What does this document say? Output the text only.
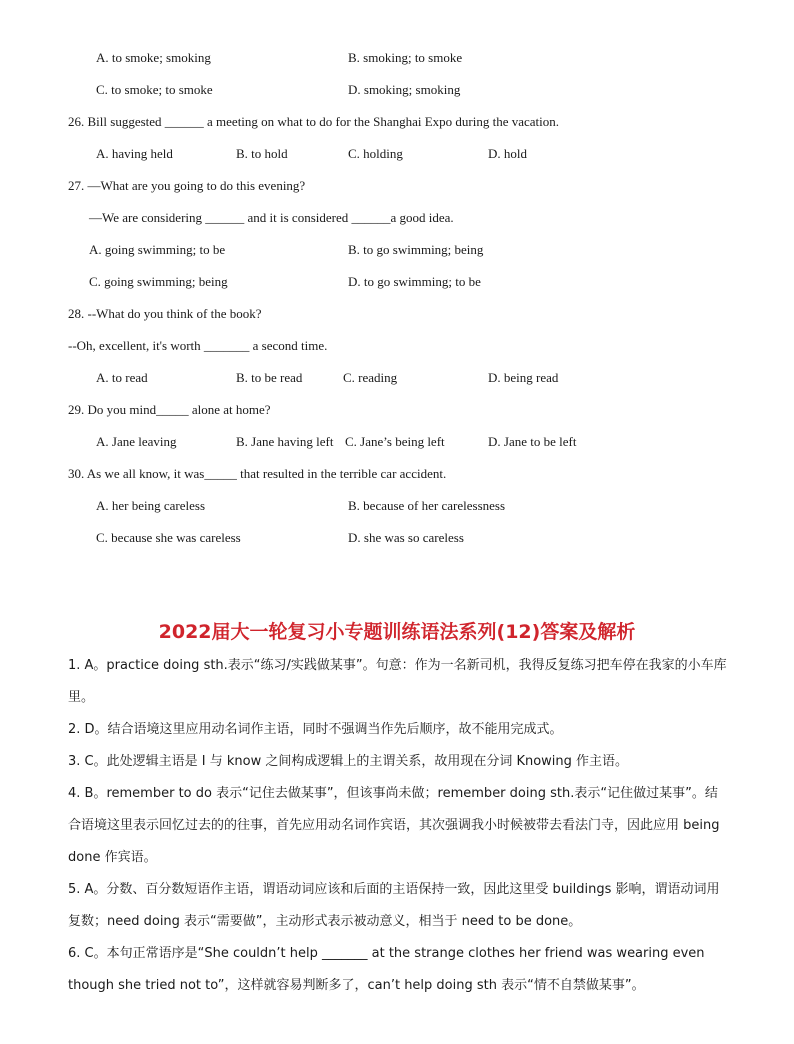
A. to smoke; smoking	B. smoking; to smoke
C. to smoke; to smoke	D. smoking; smoking
26. Bill suggested ______ a meeting on what to do for the Shanghai Expo during the vacation.
A. having held	B. to hold	C. holding	D. hold
27. —What are you going to do this evening?
—We are considering ______ and it is considered ______a good idea.
A. going swimming; to be	B. to go swimming; being
C. going swimming; being	D. to go swimming; to be
28. --What do you think of the book?
--Oh, excellent, it's worth _______ a second time.
A. to read	B. to be read	C. reading	D. being read
29. Do you mind_____ alone at home?
A. Jane leaving	B. Jane having left C. Jane’s being left	D. Jane to be left
30. As we all know, it was_____ that resulted in the terrible car accident.
A. her being careless	B. because of her carelessness
C. because she was careless	D. she was so careless
2022届大一轮复习小专题训练语法系列(12)答案及解析
1. A。practice doing sth.表示“练习/实践做某事”。句意：作为一名新司机，我得反复练习把车停在我家的小车库里。
2. D。结合语境这里应用动名词作主语，同时不强调当作先后顺序，故不能用完成式。
3. C。此处逻辑主语是 I 与 know 之间构成逻辑上的主谓关系，故用现在分词 Knowing 作主语。
4. B。remember to do 表示“记住去做某事”，但该事尚未做；remember doing sth.表示“记住做过某事”。结合语境这里表示回忆过去的的往事，首先应用动名词作宾语，其次强调我小时候被带去看法门寺，因此应用 being done 作宾语。
5. A。分数、百分数短语作主语，谓语动词应该和后面的主语保持一致，因此这里受 buildings 影响，谓语动词用复数；need doing 表示“需要做”，主动形式表示被动意义，相当于 need to be done。
6. C。本句正常语序是“She couldn’t help _______ at the strange clothes her friend was wearing even though she tried not to”，这样就容易判断多了，can’t help doing sth 表示“情不自禁做某事”。
